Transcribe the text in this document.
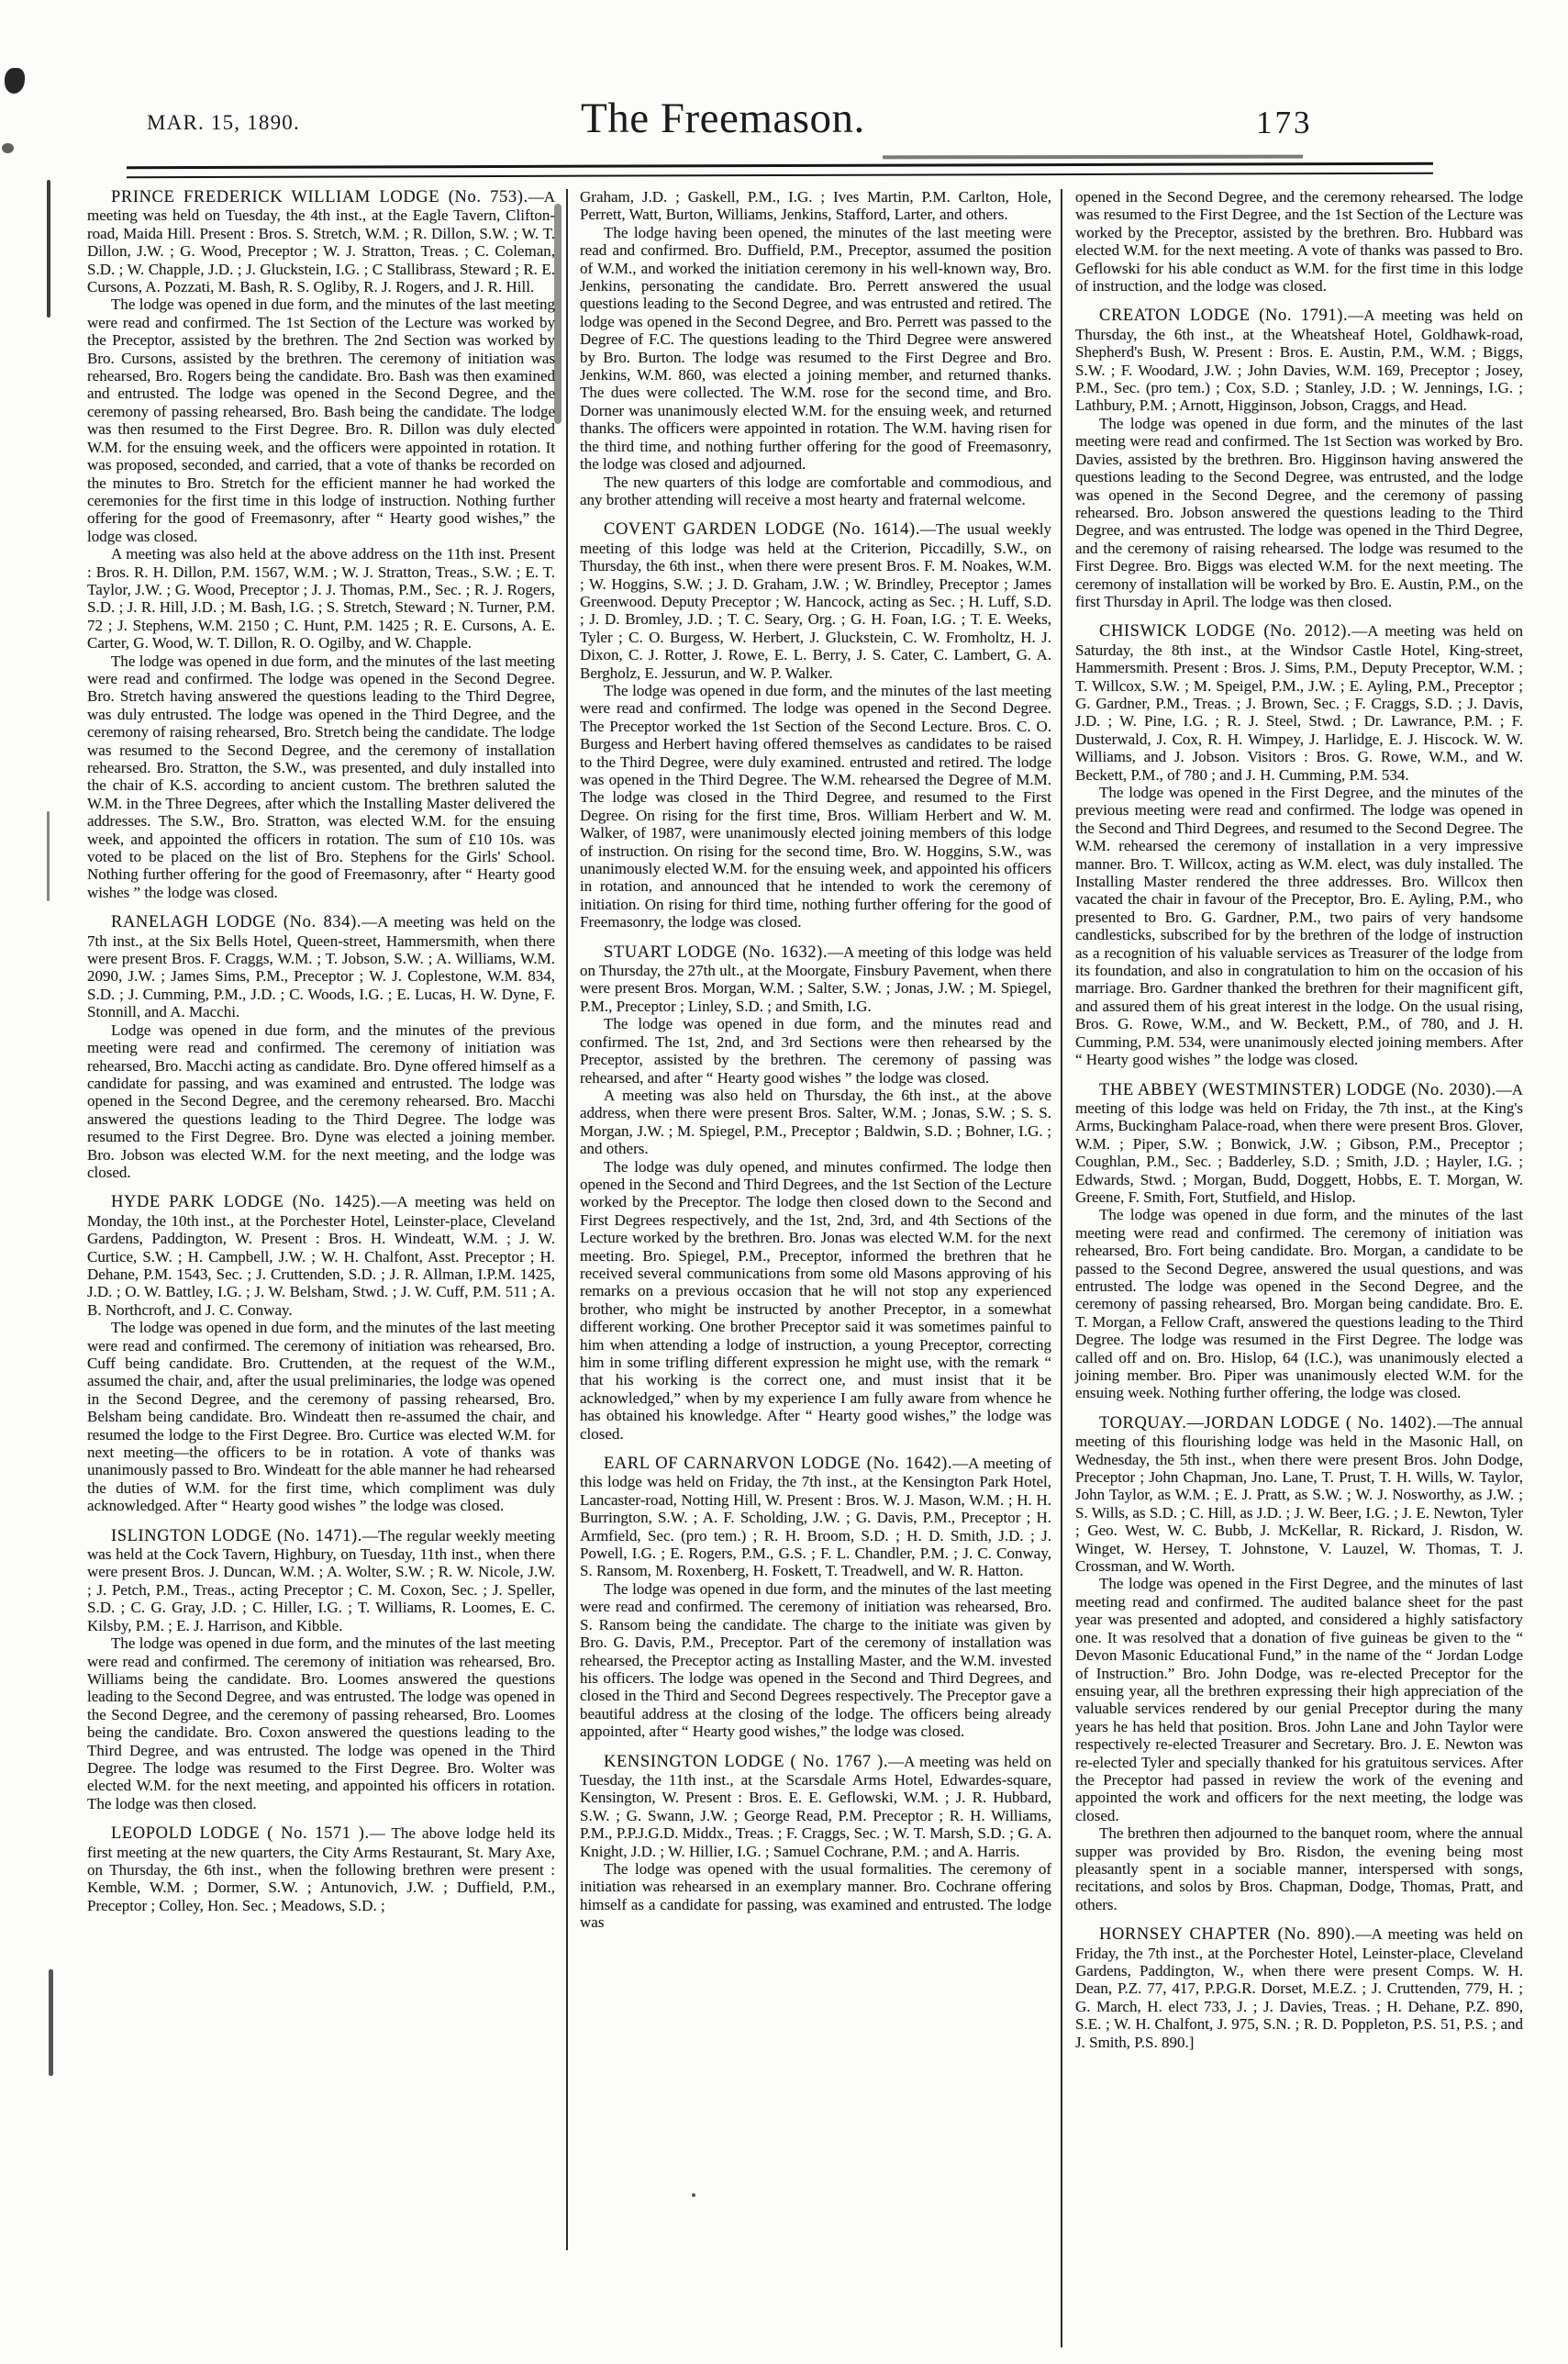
MAR. 15, 1890.	The Freemason.	173

PRINCE FREDERICK WILLIAM LODGE (No. 753).—A meeting was held on Tuesday, the 4th inst., at the Eagle Tavern, Clifton-road, Maida Hill. Present : Bros. S. Stretch, W.M. ; R. Dillon, S.W. ; W. T. Dillon, J.W. ; G. Wood, Preceptor ; W. J. Stratton, Treas. ; C. Coleman, S.D. ; W. Chapple, J.D. ; J. Gluckstein, I.G. ; C Stallibrass, Steward ; R. E. Cursons, A. Pozzati, M. Bash, R. S. Ogliby, R. J. Rogers, and J. R. Hill.

The lodge was opened in due form, and the minutes of the last meeting were read and confirmed. The 1st Section of the Lecture was worked by the Preceptor, assisted by the brethren. The 2nd Section was worked by Bro. Cursons, assisted by the brethren. The ceremony of initiation was rehearsed, Bro. Rogers being the candidate. Bro. Bash was then examined and entrusted. The lodge was opened in the Second Degree, and the ceremony of passing rehearsed, Bro. Bash being the candidate. The lodge was then resumed to the First Degree. Bro. R. Dillon was duly elected W.M. for the ensuing week, and the officers were appointed in rotation. It was proposed, seconded, and carried, that a vote of thanks be recorded on the minutes to Bro. Stretch for the efficient manner he had worked the ceremonies for the first time in this lodge of instruction. Nothing further offering for the good of Freemasonry, after “ Hearty good wishes,” the lodge was closed.

A meeting was also held at the above address on the 11th inst. Present : Bros. R. H. Dillon, P.M. 1567, W.M. ; W. J. Stratton, Treas., S.W. ; E. T. Taylor, J.W. ; G. Wood, Preceptor ; J. J. Thomas, P.M., Sec. ; R. J. Rogers, S.D. ; J. R. Hill, J.D. ; M. Bash, I.G. ; S. Stretch, Steward ; N. Turner, P.M. 72 ; J. Stephens, W.M. 2150 ; C. Hunt, P.M. 1425 ; R. E. Cursons, A. E. Carter, G. Wood, W. T. Dillon, R. O. Ogilby, and W. Chapple.

The lodge was opened in due form, and the minutes of the last meeting were read and confirmed. The lodge was opened in the Second Degree. Bro. Stretch having answered the questions leading to the Third Degree, was duly entrusted. The lodge was opened in the Third Degree, and the ceremony of raising rehearsed, Bro. Stretch being the candidate. The lodge was resumed to the Second Degree, and the ceremony of installation rehearsed. Bro. Stratton, the S.W., was presented, and duly installed into the chair of K.S. according to ancient custom. The brethren saluted the W.M. in the Three Degrees, after which the Installing Master delivered the addresses. The S.W., Bro. Stratton, was elected W.M. for the ensuing week, and appointed the officers in rotation. The sum of £10 10s. was voted to be placed on the list of Bro. Stephens for the Girls' School. Nothing further offering for the good of Freemasonry, after “ Hearty good wishes ” the lodge was closed.

RANELAGH LODGE (No. 834).—A meeting was held on the 7th inst., at the Six Bells Hotel, Queen-street, Hammersmith, when there were present Bros. F. Craggs, W.M. ; T. Jobson, S.W. ; A. Williams, W.M. 2090, J.W. ; James Sims, P.M., Preceptor ; W. J. Coplestone, W.M. 834, S.D. ; J. Cumming, P.M., J.D. ; C. Woods, I.G. ; E. Lucas, H. W. Dyne, F. Stonnill, and A. Macchi.

Lodge was opened in due form, and the minutes of the previous meeting were read and confirmed. The ceremony of initiation was rehearsed, Bro. Macchi acting as candidate. Bro. Dyne offered himself as a candidate for passing, and was examined and entrusted. The lodge was opened in the Second Degree, and the ceremony rehearsed. Bro. Macchi answered the questions leading to the Third Degree. The lodge was resumed to the First Degree. Bro. Dyne was elected a joining member. Bro. Jobson was elected W.M. for the next meeting, and the lodge was closed.

HYDE PARK LODGE (No. 1425).—A meeting was held on Monday, the 10th inst., at the Porchester Hotel, Leinster-place, Cleveland Gardens, Paddington, W. Present : Bros. H. Windeatt, W.M. ; J. W. Curtice, S.W. ; H. Campbell, J.W. ; W. H. Chalfont, Asst. Preceptor ; H. Dehane, P.M. 1543, Sec. ; J. Cruttenden, S.D. ; J. R. Allman, I.P.M. 1425, J.D. ; O. W. Battley, I.G. ; J. W. Belsham, Stwd. ; J. W. Cuff, P.M. 511 ; A. B. Northcroft, and J. C. Conway.

The lodge was opened in due form, and the minutes of the last meeting were read and confirmed. The ceremony of initiation was rehearsed, Bro. Cuff being candidate. Bro. Cruttenden, at the request of the W.M., assumed the chair, and, after the usual preliminaries, the lodge was opened in the Second Degree, and the ceremony of passing rehearsed, Bro. Belsham being candidate. Bro. Windeatt then re-assumed the chair, and resumed the lodge to the First Degree. Bro. Curtice was elected W.M. for next meeting—the officers to be in rotation. A vote of thanks was unanimously passed to Bro. Windeatt for the able manner he had rehearsed the duties of W.M. for the first time, which compliment was duly acknowledged. After “ Hearty good wishes ” the lodge was closed.

ISLINGTON LODGE (No. 1471).—The regular weekly meeting was held at the Cock Tavern, Highbury, on Tuesday, 11th inst., when there were present Bros. J. Duncan, W.M. ; A. Wolter, S.W. ; R. W. Nicole, J.W. ; J. Petch, P.M., Treas., acting Preceptor ; C. M. Coxon, Sec. ; J. Speller, S.D. ; C. G. Gray, J.D. ; C. Hiller, I.G. ; T. Williams, R. Loomes, E. C. Kilsby, P.M. ; E. J. Harrison, and Kibble.

The lodge was opened in due form, and the minutes of the last meeting were read and confirmed. The ceremony of initiation was rehearsed, Bro. Williams being the candidate. Bro. Loomes answered the questions leading to the Second Degree, and was entrusted. The lodge was opened in the Second Degree, and the ceremony of passing rehearsed, Bro. Loomes being the candidate. Bro. Coxon answered the questions leading to the Third Degree, and was entrusted. The lodge was opened in the Third Degree. The lodge was resumed to the First Degree. Bro. Wolter was elected W.M. for the next meeting, and appointed his officers in rotation. The lodge was then closed.

LEOPOLD LODGE ( No. 1571 ).— The above lodge held its first meeting at the new quarters, the City Arms Restaurant, St. Mary Axe, on Thursday, the 6th inst., when the following brethren were present : Kemble, W.M. ; Dormer, S.W. ; Antunovich, J.W. ; Duffield, P.M., Preceptor ; Colley, Hon. Sec. ; Meadows, S.D. ;

Graham, J.D. ; Gaskell, P.M., I.G. ; Ives Martin, P.M. Carlton, Hole, Perrett, Watt, Burton, Williams, Jenkins, Stafford, Larter, and others.

The lodge having been opened, the minutes of the last meeting were read and confirmed. Bro. Duffield, P.M., Preceptor, assumed the position of W.M., and worked the initiation ceremony in his well-known way, Bro. Jenkins, personating the candidate. Bro. Perrett answered the usual questions leading to the Second Degree, and was entrusted and retired. The lodge was opened in the Second Degree, and Bro. Perrett was passed to the Degree of F.C. The questions leading to the Third Degree were answered by Bro. Burton. The lodge was resumed to the First Degree and Bro. Jenkins, W.M. 860, was elected a joining member, and returned thanks. The dues were collected. The W.M. rose for the second time, and Bro. Dorner was unanimously elected W.M. for the ensuing week, and returned thanks. The officers were appointed in rotation. The W.M. having risen for the third time, and nothing further offering for the good of Freemasonry, the lodge was closed and adjourned.

The new quarters of this lodge are comfortable and commodious, and any brother attending will receive a most hearty and fraternal welcome.

COVENT GARDEN LODGE (No. 1614).—The usual weekly meeting of this lodge was held at the Criterion, Piccadilly, S.W., on Thursday, the 6th inst., when there were present Bros. F. M. Noakes, W.M. ; W. Hoggins, S.W. ; J. D. Graham, J.W. ; W. Brindley, Preceptor ; James Greenwood. Deputy Preceptor ; W. Hancock, acting as Sec. ; H. Luff, S.D. ; J. D. Bromley, J.D. ; T. C. Seary, Org. ; G. H. Foan, I.G. ; T. E. Weeks, Tyler ; C. O. Burgess, W. Herbert, J. Gluckstein, C. W. Fromholtz, H. J. Dixon, C. J. Rotter, J. Rowe, E. L. Berry, J. S. Cater, C. Lambert, G. A. Bergholz, E. Jessurun, and W. P. Walker.

The lodge was opened in due form, and the minutes of the last meeting were read and confirmed. The lodge was opened in the Second Degree. The Preceptor worked the 1st Section of the Second Lecture. Bros. C. O. Burgess and Herbert having offered themselves as candidates to be raised to the Third Degree, were duly examined. entrusted and retired. The lodge was opened in the Third Degree. The W.M. rehearsed the Degree of M.M. The lodge was closed in the Third Degree, and resumed to the First Degree. On rising for the first time, Bros. William Herbert and W. M. Walker, of 1987, were unanimously elected joining members of this lodge of instruction. On rising for the second time, Bro. W. Hoggins, S.W., was unanimously elected W.M. for the ensuing week, and appointed his officers in rotation, and announced that he intended to work the ceremony of initiation. On rising for third time, nothing further offering for the good of Freemasonry, the lodge was closed.

STUART LODGE (No. 1632).—A meeting of this lodge was held on Thursday, the 27th ult., at the Moorgate, Finsbury Pavement, when there were present Bros. Morgan, W.M. ; Salter, S.W. ; Jonas, J.W. ; M. Spiegel, P.M., Preceptor ; Linley, S.D. ; and Smith, I.G.

The lodge was opened in due form, and the minutes read and confirmed. The 1st, 2nd, and 3rd Sections were then rehearsed by the Preceptor, assisted by the brethren. The ceremony of passing was rehearsed, and after “ Hearty good wishes ” the lodge was closed.

A meeting was also held on Thursday, the 6th inst., at the above address, when there were present Bros. Salter, W.M. ; Jonas, S.W. ; S. S. Morgan, J.W. ; M. Spiegel, P.M., Preceptor ; Baldwin, S.D. ; Bohner, I.G. ; and others.

The lodge was duly opened, and minutes confirmed. The lodge then opened in the Second and Third Degrees, and the 1st Section of the Lecture worked by the Preceptor. The lodge then closed down to the Second and First Degrees respectively, and the 1st, 2nd, 3rd, and 4th Sections of the Lecture worked by the brethren. Bro. Jonas was elected W.M. for the next meeting. Bro. Spiegel, P.M., Preceptor, informed the brethren that he received several communications from some old Masons approving of his remarks on a previous occasion that he will not stop any experienced brother, who might be instructed by another Preceptor, in a somewhat different working. One brother Preceptor said it was sometimes painful to him when attending a lodge of instruction, a young Preceptor, correcting him in some trifling different expression he might use, with the remark “ that his working is the correct one, and must insist that it be acknowledged,” when by my experience I am fully aware from whence he has obtained his knowledge. After “ Hearty good wishes,” the lodge was closed.

EARL OF CARNARVON LODGE (No. 1642).—A meeting of this lodge was held on Friday, the 7th inst., at the Kensington Park Hotel, Lancaster-road, Notting Hill, W. Present : Bros. W. J. Mason, W.M. ; H. H. Burrington, S.W. ; A. F. Scholding, J.W. ; G. Davis, P.M., Preceptor ; H. Armfield, Sec. (pro tem.) ; R. H. Broom, S.D. ; H. D. Smith, J.D. ; J. Powell, I.G. ; E. Rogers, P.M., G.S. ; F. L. Chandler, P.M. ; J. C. Conway, S. Ransom, M. Roxenberg, H. Foskett, T. Treadwell, and W. R. Hatton.

The lodge was opened in due form, and the minutes of the last meeting were read and confirmed. The ceremony of initiation was rehearsed, Bro. S. Ransom being the candidate. The charge to the initiate was given by Bro. G. Davis, P.M., Preceptor. Part of the ceremony of installation was rehearsed, the Preceptor acting as Installing Master, and the W.M. invested his officers. The lodge was opened in the Second and Third Degrees, and closed in the Third and Second Degrees respectively. The Preceptor gave a beautiful address at the closing of the lodge. The officers being already appointed, after “ Hearty good wishes,” the lodge was closed.

KENSINGTON LODGE ( No. 1767 ).—A meeting was held on Tuesday, the 11th inst., at the Scarsdale Arms Hotel, Edwardes-square, Kensington, W. Present : Bros. E. E. Geflowski, W.M. ; J. R. Hubbard, S.W. ; G. Swann, J.W. ; George Read, P.M. Preceptor ; R. H. Williams, P.M., P.P.J.G.D. Middx., Treas. ; F. Craggs, Sec. ; W. T. Marsh, S.D. ; G. A. Knight, J.D. ; W. Hillier, I.G. ; Samuel Cochrane, P.M. ; and A. Harris.

The lodge was opened with the usual formalities. The ceremony of initiation was rehearsed in an exemplary manner. Bro. Cochrane offering himself as a candidate for passing, was examined and entrusted. The lodge was

opened in the Second Degree, and the ceremony rehearsed. The lodge was resumed to the First Degree, and the 1st Section of the Lecture was worked by the Preceptor, assisted by the brethren. Bro. Hubbard was elected W.M. for the next meeting. A vote of thanks was passed to Bro. Geflowski for his able conduct as W.M. for the first time in this lodge of instruction, and the lodge was closed.

CREATON LODGE (No. 1791).—A meeting was held on Thursday, the 6th inst., at the Wheatsheaf Hotel, Goldhawk-road, Shepherd's Bush, W. Present : Bros. E. Austin, P.M., W.M. ; Biggs, S.W. ; F. Woodard, J.W. ; John Davies, W.M. 169, Preceptor ; Josey, P.M., Sec. (pro tem.) ; Cox, S.D. ; Stanley, J.D. ; W. Jennings, I.G. ; Lathbury, P.M. ; Arnott, Higginson, Jobson, Craggs, and Head.

The lodge was opened in due form, and the minutes of the last meeting were read and confirmed. The 1st Section was worked by Bro. Davies, assisted by the brethren. Bro. Higginson having answered the questions leading to the Second Degree, was entrusted, and the lodge was opened in the Second Degree, and the ceremony of passing rehearsed. Bro. Jobson answered the questions leading to the Third Degree, and was entrusted. The lodge was opened in the Third Degree, and the ceremony of raising rehearsed. The lodge was resumed to the First Degree. Bro. Biggs was elected W.M. for the next meeting. The ceremony of installation will be worked by Bro. E. Austin, P.M., on the first Thursday in April. The lodge was then closed.

CHISWICK LODGE (No. 2012).—A meeting was held on Saturday, the 8th inst., at the Windsor Castle Hotel, King-street, Hammersmith. Present : Bros. J. Sims, P.M., Deputy Preceptor, W.M. ; T. Willcox, S.W. ; M. Speigel, P.M., J.W. ; E. Ayling, P.M., Preceptor ; G. Gardner, P.M., Treas. ; J. Brown, Sec. ; F. Craggs, S.D. ; J. Davis, J.D. ; W. Pine, I.G. ; R. J. Steel, Stwd. ; Dr. Lawrance, P.M. ; F. Dusterwald, J. Cox, R. H. Wimpey, J. Harlidge, E. J. Hiscock. W. W. Williams, and J. Jobson. Visitors : Bros. G. Rowe, W.M., and W. Beckett, P.M., of 780 ; and J. H. Cumming, P.M. 534.

The lodge was opened in the First Degree, and the minutes of the previous meeting were read and confirmed. The lodge was opened in the Second and Third Degrees, and resumed to the Second Degree. The W.M. rehearsed the ceremony of installation in a very impressive manner. Bro. T. Willcox, acting as W.M. elect, was duly installed. The Installing Master rendered the three addresses. Bro. Willcox then vacated the chair in favour of the Preceptor, Bro. E. Ayling, P.M., who presented to Bro. G. Gardner, P.M., two pairs of very handsome candlesticks, subscribed for by the brethren of the lodge of instruction as a recognition of his valuable services as Treasurer of the lodge from its foundation, and also in congratulation to him on the occasion of his marriage. Bro. Gardner thanked the brethren for their magnificent gift, and assured them of his great interest in the lodge. On the usual rising, Bros. G. Rowe, W.M., and W. Beckett, P.M., of 780, and J. H. Cumming, P.M. 534, were unanimously elected joining members. After “ Hearty good wishes ” the lodge was closed.

THE ABBEY (WESTMINSTER) LODGE (No. 2030).—A meeting of this lodge was held on Friday, the 7th inst., at the King's Arms, Buckingham Palace-road, when there were present Bros. Glover, W.M. ; Piper, S.W. ; Bonwick, J.W. ; Gibson, P.M., Preceptor ; Coughlan, P.M., Sec. ; Badderley, S.D. ; Smith, J.D. ; Hayler, I.G. ; Edwards, Stwd. ; Morgan, Budd, Doggett, Hobbs, E. T. Morgan, W. Greene, F. Smith, Fort, Stutfield, and Hislop.

The lodge was opened in due form, and the minutes of the last meeting were read and confirmed. The ceremony of initiation was rehearsed, Bro. Fort being candidate. Bro. Morgan, a candidate to be passed to the Second Degree, answered the usual questions, and was entrusted. The lodge was opened in the Second Degree, and the ceremony of passing rehearsed, Bro. Morgan being candidate. Bro. E. T. Morgan, a Fellow Craft, answered the questions leading to the Third Degree. The lodge was resumed in the First Degree. The lodge was called off and on. Bro. Hislop, 64 (I.C.), was unanimously elected a joining member. Bro. Piper was unanimously elected W.M. for the ensuing week. Nothing further offering, the lodge was closed.

TORQUAY.—JORDAN LODGE ( No. 1402).—The annual meeting of this flourishing lodge was held in the Masonic Hall, on Wednesday, the 5th inst., when there were present Bros. John Dodge, Preceptor ; John Chapman, Jno. Lane, T. Prust, T. H. Wills, W. Taylor, John Taylor, as W.M. ; E. J. Pratt, as S.W. ; W. J. Nosworthy, as J.W. ; S. Wills, as S.D. ; C. Hill, as J.D. ; J. W. Beer, I.G. ; J. E. Newton, Tyler ; Geo. West, W. C. Bubb, J. McKellar, R. Rickard, J. Risdon, W. Winget, W. Hersey, T. Johnstone, V. Lauzel, W. Thomas, T. J. Crossman, and W. Worth.

The lodge was opened in the First Degree, and the minutes of last meeting read and confirmed. The audited balance sheet for the past year was presented and adopted, and considered a highly satisfactory one. It was resolved that a donation of five guineas be given to the “ Devon Masonic Educational Fund,” in the name of the “ Jordan Lodge of Instruction.” Bro. John Dodge, was re-elected Preceptor for the ensuing year, all the brethren expressing their high appreciation of the valuable services rendered by our genial Preceptor during the many years he has held that position. Bros. John Lane and John Taylor were respectively re-elected Treasurer and Secretary. Bro. J. E. Newton was re-elected Tyler and specially thanked for his gratuitous services. After the Preceptor had passed in review the work of the evening and appointed the work and officers for the next meeting, the lodge was closed.

The brethren then adjourned to the banquet room, where the annual supper was provided by Bro. Risdon, the evening being most pleasantly spent in a sociable manner, interspersed with songs, recitations, and solos by Bros. Chapman, Dodge, Thomas, Pratt, and others.

HORNSEY CHAPTER (No. 890).—A meeting was held on Friday, the 7th inst., at the Porchester Hotel, Leinster-place, Cleveland Gardens, Paddington, W., when there were present Comps. W. H. Dean, P.Z. 77, 417, P.P.G.R. Dorset, M.E.Z. ; J. Cruttenden, 779, H. ; G. March, H. elect 733, J. ; J. Davies, Treas. ; H. Dehane, P.Z. 890, S.E. ; W. H. Chalfont, J. 975, S.N. ; R. D. Poppleton, P.S. 51, P.S. ; and J. Smith, P.S. 890.]
